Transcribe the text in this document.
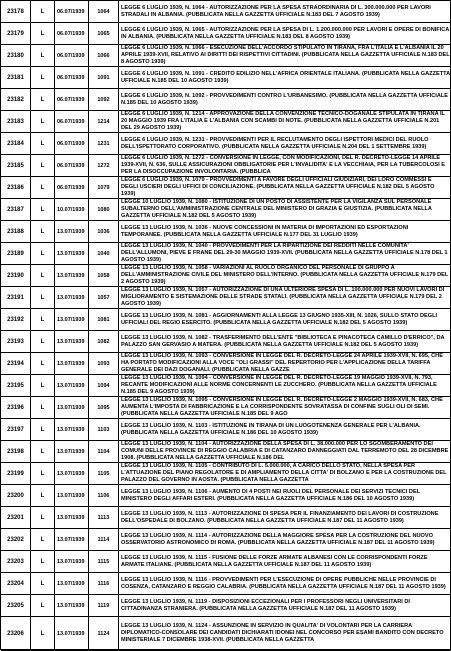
23178	L	06.07/1939	1064
LEGGE 6 LUGLIO 1939, N. 1064 - AUTORIZZAZIONE PER LA SPESA STRAORDINARIA DI L. 300.000.000 PER LAVORI STRADALI IN ALBANIA. (PUBBLICATA NELLA GAZZETTA UFFICIALE N.183 DEL 7 AGOSTO 1939)
23179	L	06.07/1939	1065
LEGGE 6 LUGLIO 1939, N. 1065 - AUTORIZZAZIONE PER LA SPESA DI L. 1.200.000.000 PER LAVORI E OPERE DI BONIFICA IN ALBANIA. (PUBBLICATA NELLA GAZZETTA UFFICIALE N.183 DEL 8 AGOSTO 1939)
23180	L	06.07/1939	1066
LEGGE 6 LUGLIO 1939, N. 1066 - ESECUZIONE DELL'ACCORDO STIPULATO IN TIRANA, FRA L'ITALIA E L'ALBANIA IL 20 APRILE 1939-XVII, RELATIVO AI DIRITTI DEI RISPETTIVI CITTADINI. (PUBBLICATA NELLA GAZZETTA UFFICIALE N.183 DEL 8 AGOSTO 1939)
23181	L	06.07/1939	1091
LEGGE 6 LUGLIO 1939, N. 1091 - CREDITO EDILIZIO NELL'AFRICA ORIENTALE ITALIANA. (PUBBLICATA NELLA GAZZETTA UFFICIALE N.185 DEL 10 AGOSTO 1939)
23182	L	06.07/1939	1092
LEGGE 6 LUGLIO 1939, N. 1092 - PROVVEDIMENTI CONTRO L'URBANESIMO. (PUBBLICATA NELLA GAZZETTA UFFICIALE N.185 DEL 10 AGOSTO 1939)
23183	L	06.07/1939	1214
LEGGE 6 LUGLIO 1939, N. 1214 - APPROVAZIONE DELLA CONVENZIONE TECNICO-DOGANALE STIPULATA IN TIRANA IL 20 MAGGIO 1939 FRA L'ITALIA E L'ALBANIA CON SCAMBI DI NOTE. (PUBBLICATA NELLA GAZZETTA UFFICIALE N.201 DEL 29 AGOSTO 1939)
23184	L	06.07/1939	1231
LEGGE 6 LUGLIO 1939, N. 1231 - PROVVEDIMENTI PER IL RECLUTAMENTO DEGLI ISPETTORI MEDICI DEL RUOLO DELL'ISPETTORATO CORPORATIVO. (PUBBLICATA NELLA GAZZETTA UFFICIALE N.204 DEL 1 SETTEMBRE 1939)
23185	L	06.07/1939	1272
LEGGE 6 LUGLIO 1939, N. 1272 - CONVERSIONE IN LEGGE, CON MODIFICAZIONI, DEL R. DECRETO-LEGGE 14 APRILE 1939-XVII, N. 636, SULLE ASSICURAZIONI OBBLIGATORIE PER L'INVALIDITA' E LA VECCHIAIA, PER LA TUBERCOLOSI E PER LA DISOCCUPAZIONE INVOLONTARIA. (PUBBLICA
23186	L	06.07/1939	1079
LEGGE 6 LUGLIO 1939, N. 1079 - PROVVEDIMENTI A FAVORE DEGLI UFFICIALI GIUDIZIARI, DEI LORO COMMESSI E DEGLI USCIERI DEGLI UFFICI DI CONCILIAZIONE. (PUBBLICATA NELLA GAZZETTA UFFICIALE N.182 DEL 5 AGOSTO 1939)
23187	L	10.07/1939	1080
LEGGE 10 LUGLIO 1939, N. 1080 - ISTITUZIONE DI UN POSTO DI ASSISTENTE PER LA VIGILANZA SUL PERSONALE SUBALTERNO DELL'AMMINISTRAZIONE CENTRALE DEL MINISTERO DI GRAZIA E GIUSTIZIA. (PUBBLICATA NELLA GAZZETTA UFFICIALE N.182 DEL 5 AGOSTO 1939)
23188	L	13.07/1939	1036
LEGGE 13 LUGLIO 1939, N. 1036 - NUOVE CONCESSIONI IN MATERIA DI IMPORTAZIONI ED ESPORTAZIONI TEMPORANEE. (PUBBLICATA NELLA GAZZETTA UFFICIALE N.177 DEL 31 LUGLIO 1939)
23189	L	13.07/1939	1040
LEGGE 13 LUGLIO 1939, N. 1040 - PROVVEDIMENTI PER LA RIPARTIZIONE DEI REDDITI NELLE COMUNITA' DELL'ALLUMONI, PIEVE E FRANE DEL 29-30 MAGGIO 1939-XVII. (PUBBLICATA NELLA GAZZETTA UFFICIALE N.178 DEL 1 AGOSTO 1939)
23190	L	13.07/1939	1058
LEGGE 13 LUGLIO 1939, N. 1058 - VARIAZIONI AL RUOLO ORGANICO DEL PERSONALE DI GRUPPO A DELL'AMMINISTRAZIONE CIVILE DEL MINISTERO DELL'INTERNO. (PUBBLICATA NELLA GAZZETTA UFFICIALE N.179 DEL 2 AGOSTO 1939)
23191	L	13.07/1939	1057
LEGGE 13 LUGLIO 1939, N. 1057 - AUTORIZZAZIONE DI UNA ULTERIORE SPESA DI L. 100.000.000 PER NUOVI LAVORI DI MIGLIORAMENTO E SISTEMAZIONE DELLE STRADE STATALI. (PUBBLICATA NELLA GAZZETTA UFFICIALE N.179 DEL 2 AGOSTO 1939)
23192	L	13.07/1939	1081
LEGGE 13 LUGLIO 1939, N. 1081 - AGGIORNAMENTI ALLA LEGGE 13 GIUGNO 1935-XIII, N. 1026, SULLO STATO DEGLI UFFICIALI DEL REGIO ESERCITO. (PUBBLICATA NELLA GAZZETTA UFFICIALE N.182 DEL 5 AGOSTO 1939)
23193	L	13.07/1939	1082
LEGGE 13 LUGLIO 1939, N. 1082 - TRASFERIMENTO DELL'ENTE "BIBLIOTECA E PINACOTECA CAMILLO D'ERRICO", DA PALAZZO SAN GERVASIO A MATERA. (PUBBLICATA NELLA GAZZETTA UFFICIALE N.182 DEL 5 AGOSTO 1939)
23194	L	13.07/1939	1093
LEGGE 13 LUGLIO 1939, N. 1093 - CONVERSIONE IN LEGGE DEL R. DECRETO-LEGGE 24 APRILE 1939-XVII, N. 695, CHE HA PORTATO MODIFICAZIONI ALLA VOCE "OLI GRASSI" DEL REPERTORIO PER L'APPLICAZIONE DELLA TARIFFA GENERALE DEI DAZI DOGANALI. (PUBBLICATA NELLA GAZZE
23195	L	13.07/1939	1094
LEGGE 13 LUGLIO 1939, N. 1094 - CONVERSIONE IN LEGGE DEL R. DECRETO-LEGGE 19 MAGGIO 1939-XVII, N. 793, RECANTE MODIFICAZIONI ALLE NORME CONCERNENTI LE ZUCCHERO. (PUBBLICATA NELLA GAZZETTA UFFICIALE N.185 DEL 9 AGOSTO 1939)
23196	L	13.07/1939	1095
LEGGE 13 LUGLIO 1939, N. 1095 - CONVERSIONE IN LEGGE DEL R. DECRETO-LEGGE 2 MAGGIO 1939-XVII, N. 683, CHE AUMENTA L'IMPOSTA DI FABBRICAZIONE E LA CORRISPONDENTE SOVRATASSA DI CONFINE SUGLI OLI DI SEMI. (PUBBLICATA NELLA GAZZETTA UFFICIALE N.185 DEL 9 AGO
23197	L	13.07/1939	1103
LEGGE 13 LUGLIO 1939, N. 1103 - ISTITUZIONE IN TIRANA DI UN LUOGOTENENZA GENERALE PER L'ALBANIA. (PUBBLICATA NELLA GAZZETTA UFFICIALE N.186 DEL 10 AGOSTO 1939)
23198	L	13.07/1939	1104
LEGGE 13 LUGLIO 1939, N. 1104 - AUTORIZZAZIONE DELLA SPESA DI L. 38.000.000 PER LO SGOMBERAMENTO DEI COMUNI DELLE PROVINCIE DI REGGIO CALABRIA E DI CATANZARO DANNEGGIATI DAL TERREMOTO DEL 28 DICEMBRE 1908. (PUBBLICATA NELLA GAZZETTA UFFICIALE N.186 DEL
23199	L	13.07/1939	1105
LEGGE 13 LUGLIO 1939, N. 1105 - CONTRIBUTO DI L. 5.000.000, A CARICO DELLO STATO, NELLA SPESA PER L'ATTUAZIONE DEL PIANO REGOLATORE E DI AMPLIAMENTO DELLA CITTA' DI BOLZANO E PER LA COSTRUZIONE DEL PALAZZO DEL GOVERNO IN AOSTA. (PUBBLICATA NELLA GAZZETTA
23200	L	13.07/1939	1106
LEGGE 13 LUGLIO 1939, N. 1106 - AUMENTO DI 4 POSTI NEI RUOLI DEL PERSONALE DEI SERVIZI TECNICI DEL MINISTERO DEGLI AFFARI ESTERI. (PUBBLICATA NELLA GAZZETTA UFFICIALE N.186 DEL 10 AGOSTO 1939)
23201	L	13.07/1939	1113
LEGGE 13 LUGLIO 1939, N. 1113 - AUTORIZZAZIONE DI SPESA PER IL FINANZIAMENTO DEI LAVORI DI COSTRUZIONE DELL'OSPEDALE DI BOLZANO. (PUBBLICATA NELLA GAZZETTA UFFICIALE N.187 DEL 11 AGOSTO 1939)
23202	L	13.07/1939	1114
LEGGE 13 LUGLIO 1939, N. 1114 - AUTORIZZAZIONE DELLA MAGGIORE SPESA PER LA COSTRUZIONE DEL NUOVO OSSERVATORIO ASTRONOMICO DI ROMA. (PUBBLICATA NELLA GAZZETTA UFFICIALE N.187 DEL 11 AGOSTO 1939)
23203	L	13.07/1939	1115
LEGGE 13 LUGLIO 1939, N. 1115 - FUSIONE DELLE FORZE ARMATE ALBANESI CON LE CORRISPONDENTI FORZE ARMATE ITALIANE. (PUBBLICATA NELLA GAZZETTA UFFICIALE N.187 DEL 11 AGOSTO 1939)
23204	L	13.07/1939	1116
LEGGE 13 LUGLIO 1939, N. 1116 - PROVVEDIMENTI PER L'ESECUZIONE DI OPERE PUBBLICHE NELLE PROVINCIE DI COSENZA, CATANZARO E REGGIO CALABRIA. (PUBBLICATA NELLA GAZZETTA UFFICIALE N.187 DEL 11 AGOSTO 1939)
23205	L	13.07/1939	1119
LEGGE 13 LUGLIO 1939, N. 1119 - DISPOSIZIONI ECCEZIONALI PER I PROFESSORI NEGLI UNIVERSITARI DI CITTADINANZA STRANIERA. (PUBBLICATA NELLA GAZZETTA UFFICIALE N.187 DEL 11 AGOSTO 1939)
23206	L	13.07/1939	1124
LEGGE 13 LUGLIO 1939, N. 1124 - ASSUNZIONE IN SERVIZIO IN QUALITA' DI VOLONTARI PER LA CARRIERA DIPLOMATICO-CONSOLARE DEI CANDIDATI DICHIARATI IDONEI NEL CONCORSO PER ESAMI BANDITO CON DECRETO MINISTERIALE 7 DICEMBRE 1938-XVII. (PUBBLICATA NELLA GAZZETTA
